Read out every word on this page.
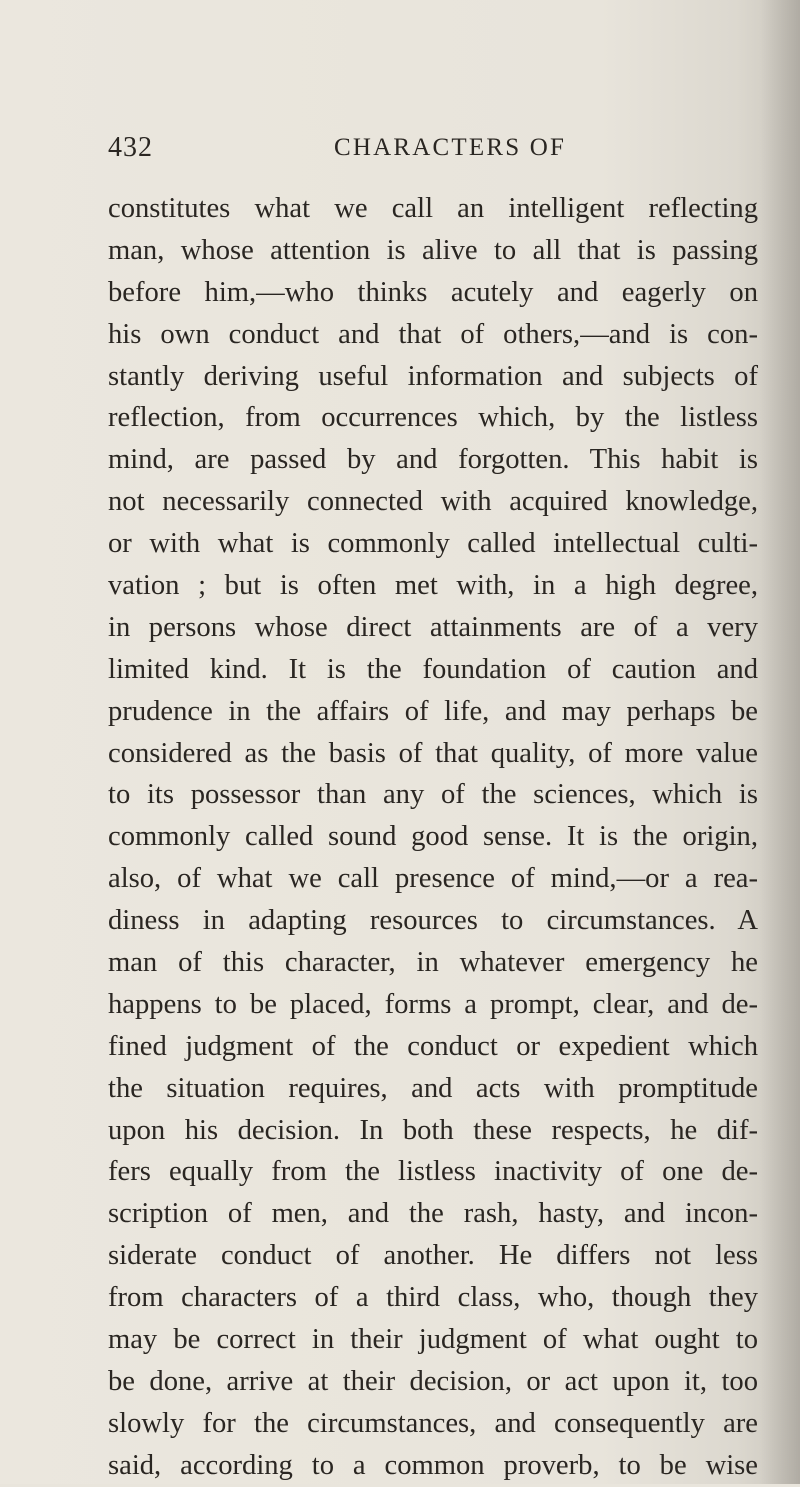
432	CHARACTERS OF
constitutes what we call an intelligent reflecting
man, whose attention is alive to all that is passing
before him,—who thinks acutely and eagerly on
his own conduct and that of others,—and is con-
stantly deriving useful information and subjects of
reflection, from occurrences which, by the listless
mind, are passed by and forgotten. This habit is
not necessarily connected with acquired knowledge,
or with what is commonly called intellectual culti-
vation ; but is often met with, in a high degree,
in persons whose direct attainments are of a very
limited kind. It is the foundation of caution and
prudence in the affairs of life, and may perhaps be
considered as the basis of that quality, of more value
to its possessor than any of the sciences, which is
commonly called sound good sense. It is the origin,
also, of what we call presence of mind,—or a rea-
diness in adapting resources to circumstances. A
man of this character, in whatever emergency he
happens to be placed, forms a prompt, clear, and de-
fined judgment of the conduct or expedient which
the situation requires, and acts with promptitude
upon his decision. In both these respects, he dif-
fers equally from the listless inactivity of one de-
scription of men, and the rash, hasty, and incon-
siderate conduct of another. He differs not less
from characters of a third class, who, though they
may be correct in their judgment of what ought to
be done, arrive at their decision, or act upon it, too
slowly for the circumstances, and consequently are
said, according to a common proverb, to be wise
